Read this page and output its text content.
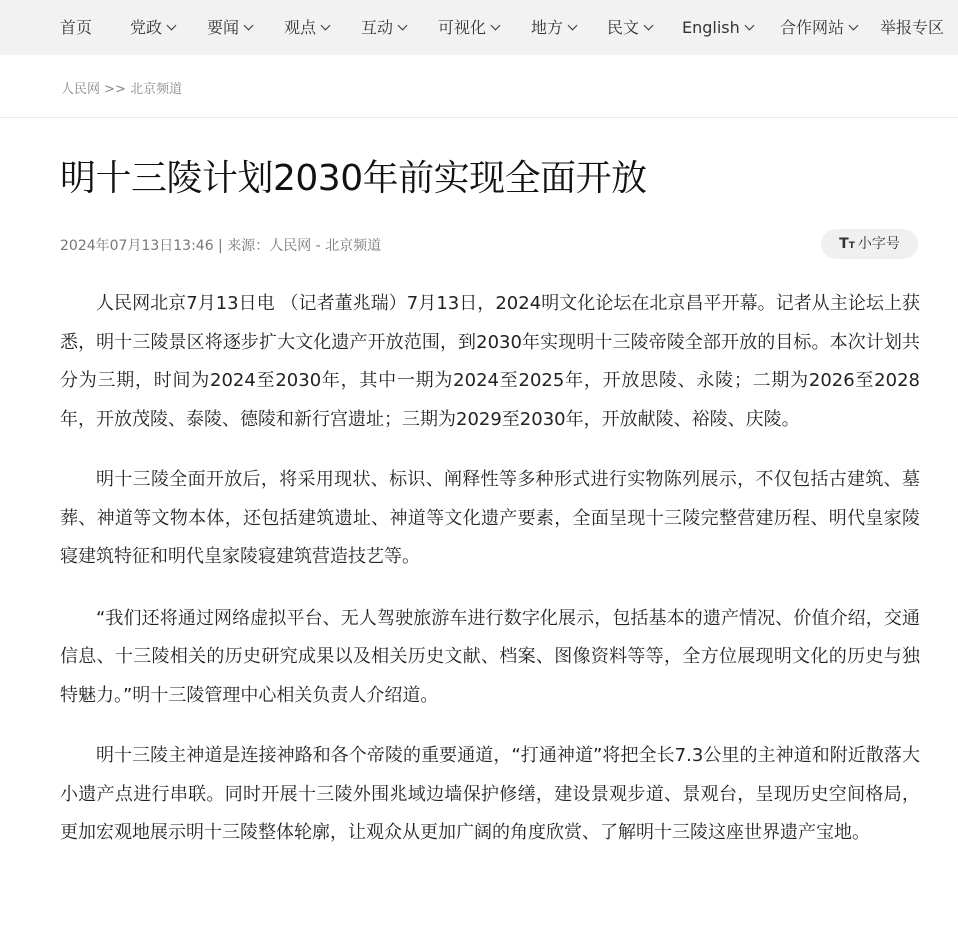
首页 党政	要闻	观点	互动	可视化	地方	民文	English	合作网站	举报专区
人民网 >> 北京频道
明十三陵计划2030年前实现全面开放
2024年07月13日13:46 | 来源：人民网 - 北京频道	TT 小字号

人民网北京7月13日电 （记者董兆瑞）7月13日，2024明文化论坛在北京昌平开幕。记者从主论坛上获悉，明十三陵景区将逐步扩大文化遗产开放范围，到2030年实现明十三陵帝陵全部开放的目标。本次计划共分为三期，时间为2024至2030年，其中一期为2024至2025年，开放思陵、永陵；二期为2026至2028年，开放茂陵、泰陵、德陵和新行宫遗址；三期为2029至2030年，开放献陵、裕陵、庆陵。

明十三陵全面开放后，将采用现状、标识、阐释性等多种形式进行实物陈列展示，不仅包括古建筑、墓葬、神道等文物本体，还包括建筑遗址、神道等文化遗产要素，全面呈现十三陵完整营建历程、明代皇家陵寝建筑特征和明代皇家陵寝建筑营造技艺等。

“我们还将通过网络虚拟平台、无人驾驶旅游车进行数字化展示，包括基本的遗产情况、价值介绍，交通信息、十三陵相关的历史研究成果以及相关历史文献、档案、图像资料等等，全方位展现明文化的历史与独特魅力。”明十三陵管理中心相关负责人介绍道。

明十三陵主神道是连接神路和各个帝陵的重要通道，“打通神道”将把全长7.3公里的主神道和附近散落大小遗产点进行串联。同时开展十三陵外围兆域边墙保护修缮，建设景观步道、景观台，呈现历史空间格局，更加宏观地展示明十三陵整体轮廓，让观众从更加广阔的角度欣赏、了解明十三陵这座世界遗产宝地。
